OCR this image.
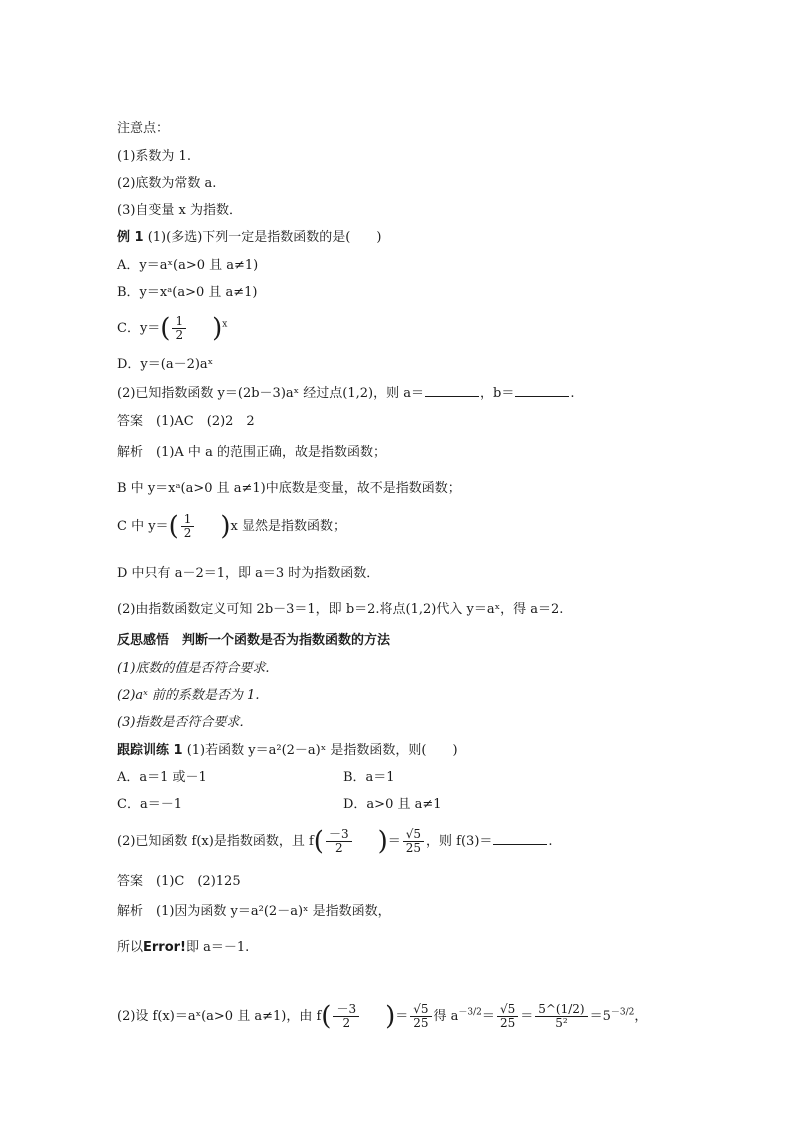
注意点：
(1)系数为 1.
(2)底数为常数 a.
(3)自变量 x 为指数．
例 1 (1)(多选)下列一定是指数函数的是(　　)
A．y＝aˣ(a>0 且 a≠1)
B．y＝xᵃ(a>0 且 a≠1)
C．$y=( \frac{1}{2} )^x$
D．y＝(a－2)aˣ
(2)已知指数函数 y＝(2b－3)aˣ 经过点(1,2)，则 a＝	，b＝	.
答案　(1)AC　(2)2　2
解析　(1)A 中 a 的范围正确，故是指数函数；
B 中 y＝xᵃ(a>0 且 a≠1)中底数是变量，故不是指数函数；
C 中 $y=( \frac{1}{2} )x$ 显然是指数函数；
D 中只有 a－2＝1，即 a＝3 时为指数函数．
(2)由指数函数定义可知 2b－3＝1，即 b＝2.将点(1,2)代入 y＝aˣ，得 a＝2.
反思感悟　判断一个函数是否为指数函数的方法
(1)底数的值是否符合要求.
(2)aˣ 前的系数是否为 1.
(3)指数是否符合要求．
跟踪训练 1 (1)若函数 y＝a²(2－a)ˣ 是指数函数，则(　　)
A．a＝1 或－1	B．a＝1
C．a＝－1	D．a>0 且 a≠1
(2)已知函数 f(x)是指数函数，且 $f( \frac{-3}{2}$ )＝ $\frac{√5}{25}$ ，则 f(3)＝	.
答案　(1)C　(2)125
解析　(1)因为函数 y＝a²(2－a)ˣ 是指数函数，
所以Error!即 a＝－1.
(2)设 f(x)＝aˣ(a>0 且 a≠1)，由 $f( \frac{-3}{2}$ )＝ $\frac{√5}{25}$ 得 $a^{-3/2}= \frac{√5}{25} = \frac{5\^{}(1/2)}{\text{5²}} =5^{-3/2}$，
